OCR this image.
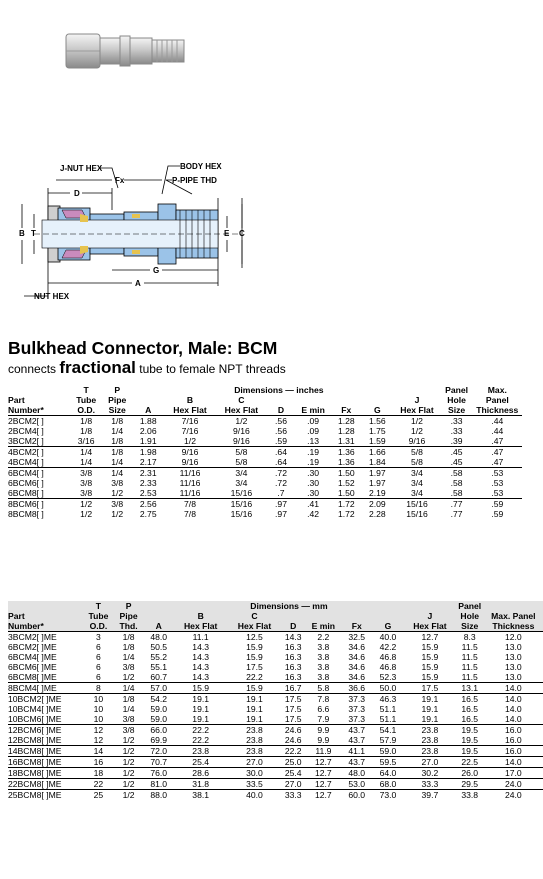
J-NUT HEX	BODY HEX
P-PIPE THD
Fx
D
B T	E C
G
A
NUT HEX
Bulkhead Connector, Male: BCM
connects fractional tube to female NPT threads
	T	P		Dimensions — inches							Panel	Max.
Part	Tube	Pipe		B	C					J	Hole	Panel
Number*	O.D.	Size	A	Hex Flat	Hex Flat	D	E min	Fx	G	Hex Flat	Size	Thickness
2BCM2[ ]	1/8	1/8	1.88	7/16	1/2	.56	.09	1.28	1.56	1/2	.33	.44
2BCM4[ ]	1/8	1/4	2.06	7/16	9/16	.56	.09	1.28	1.75	1/2	.33	.44
3BCM2[ ]	3/16	1/8	1.91	1/2	9/16	.59	.13	1.31	1.59	9/16	.39	.47
4BCM2[ ]	1/4	1/8	1.98	9/16	5/8	.64	.19	1.36	1.66	5/8	.45	.47
4BCM4[ ]	1/4	1/4	2.17	9/16	5/8	.64	.19	1.36	1.84	5/8	.45	.47
6BCM4[ ]	3/8	1/4	2.31	11/16	3/4	.72	.30	1.50	1.97	3/4	.58	.53
6BCM6[ ]	3/8	3/8	2.33	11/16	3/4	.72	.30	1.52	1.97	3/4	.58	.53
6BCM8[ ]	3/8	1/2	2.53	11/16	15/16	.7	.30	1.50	2.19	3/4	.58	.53
8BCM6[ ]	1/2	3/8	2.56	7/8	15/16	.97	.41	1.72	2.09	15/16	.77	.59
8BCM8[ ]	1/2	1/2	2.75	7/8	15/16	.97	.42	1.72	2.28	15/16	.77	.59
	T	P		Dimensions — mm							Panel	
Part	Tube	Pipe		B	C					J	Hole	Max. Panel
Number*	O.D.	Thd.	A	Hex Flat	Hex Flat	D	E min	Fx	G	Hex Flat	Size	Thickness
3BCM2[ ]ME	3	1/8	48.0	11.1	12.5	14.3	2.2	32.5	40.0	12.7	8.3	12.0
6BCM2[ ]ME	6	1/8	50.5	14.3	15.9	16.3	3.8	34.6	42.2	15.9	11.5	13.0
6BCM4[ ]ME	6	1/4	55.2	14.3	15.9	16.3	3.8	34.6	46.8	15.9	11.5	13.0
6BCM6[ ]ME	6	3/8	55.1	14.3	17.5	16.3	3.8	34.6	46.8	15.9	11.5	13.0
6BCM8[ ]ME	6	1/2	60.7	14.3	22.2	16.3	3.8	34.6	52.3	15.9	11.5	13.0
8BCM4[ ]ME	8	1/4	57.0	15.9	15.9	16.7	5.8	36.6	50.0	17.5	13.1	14.0
10BCM2[ ]ME	10	1/8	54.2	19.1	19.1	17.5	7.8	37.3	46.3	19.1	16.5	14.0
10BCM4[ ]ME	10	1/4	59.0	19.1	19.1	17.5	6.6	37.3	51.1	19.1	16.5	14.0
10BCM6[ ]ME	10	3/8	59.0	19.1	19.1	17.5	7.9	37.3	51.1	19.1	16.5	14.0
12BCM6[ ]ME	12	3/8	66.0	22.2	23.8	24.6	9.9	43.7	54.1	23.8	19.5	16.0
12BCM8[ ]ME	12	1/2	69.9	22.2	23.8	24.6	9.9	43.7	57.9	23.8	19.5	16.0
14BCM8[ ]ME	14	1/2	72.0	23.8	23.8	22.2	11.9	41.1	59.0	23.8	19.5	16.0
16BCM8[ ]ME	16	1/2	70.7	25.4	27.0	25.0	12.7	43.7	59.5	27.0	22.5	14.0
18BCM8[ ]ME	18	1/2	76.0	28.6	30.0	25.4	12.7	48.0	64.0	30.2	26.0	17.0
22BCM8[ ]ME	22	1/2	81.0	31.8	33.5	27.0	12.7	53.0	68.0	33.3	29.5	24.0
25BCM8[ ]ME	25	1/2	88.0	38.1	40.0	33.3	12.7	60.0	73.0	39.7	33.8	24.0
